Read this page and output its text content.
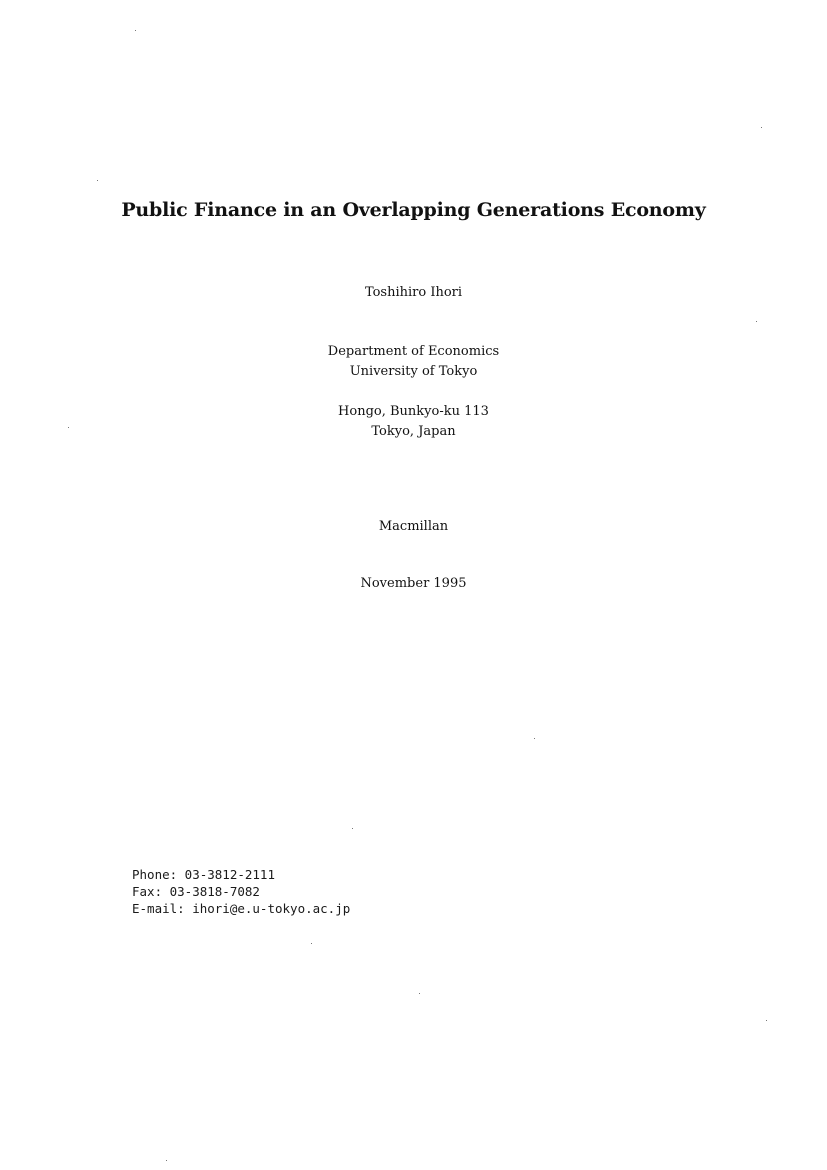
Public Finance in an Overlapping Generations Economy
Toshihiro Ihori
Department of Economics
University of Tokyo
Hongo, Bunkyo-ku 113
Tokyo, Japan
Macmillan
November 1995
Phone: 03-3812-2111
Fax: 03-3818-7082
E-mail: ihori@e.u-tokyo.ac.jp
